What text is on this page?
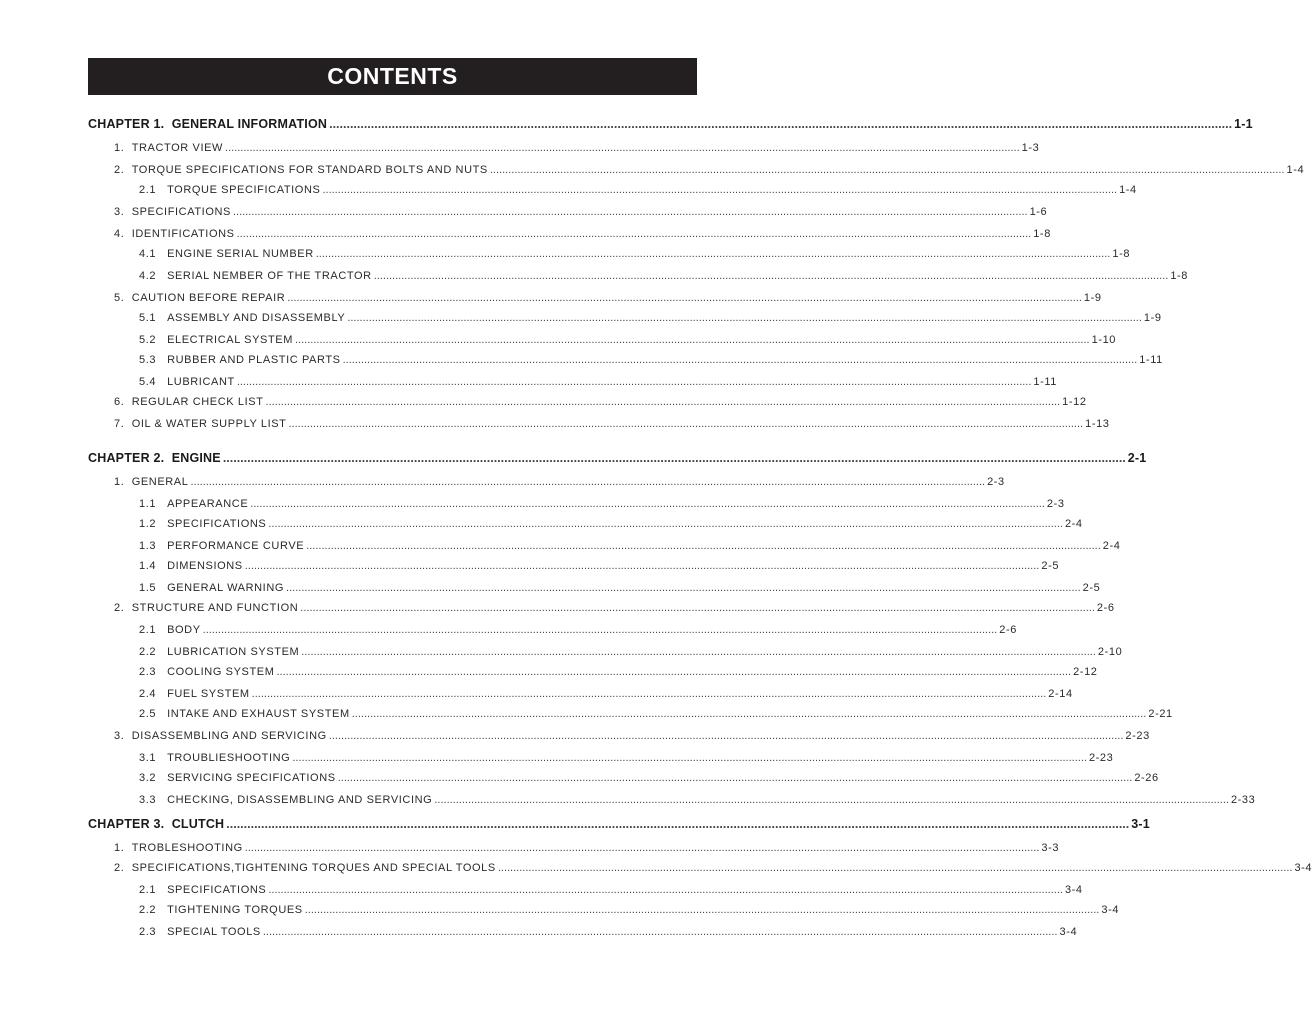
CONTENTS
CHAPTER 1.
GENERAL INFORMATION .................................................................................................................................................................................................................................................................... 1-1
1.
TRACTOR VIEW .................................................................................................................................................................................................................................................................... 1-3
2.
TORQUE SPECIFICATIONS FOR STANDARD BOLTS AND NUTS .................................................................................................................................................................................................................................................................... 1-4
2.1
TORQUE SPECIFICATIONS .................................................................................................................................................................................................................................................................... 1-4
3.
SPECIFICATIONS .................................................................................................................................................................................................................................................................... 1-6
4.
IDENTIFICATIONS .................................................................................................................................................................................................................................................................... 1-8
4.1
ENGINE SERIAL NUMBER .................................................................................................................................................................................................................................................................... 1-8
4.2
SERIAL NEMBER OF THE TRACTOR .................................................................................................................................................................................................................................................................... 1-8
5.
CAUTION BEFORE REPAIR .................................................................................................................................................................................................................................................................... 1-9
5.1
ASSEMBLY AND DISASSEMBLY .................................................................................................................................................................................................................................................................... 1-9
5.2
ELECTRICAL SYSTEM .................................................................................................................................................................................................................................................................... 1-10
5.3
RUBBER AND PLASTIC PARTS .................................................................................................................................................................................................................................................................... 1-11
5.4
LUBRICANT .................................................................................................................................................................................................................................................................... 1-11
6.
REGULAR CHECK LIST .................................................................................................................................................................................................................................................................... 1-12
7.
OIL & WATER SUPPLY LIST .................................................................................................................................................................................................................................................................... 1-13
CHAPTER 2.
ENGINE .................................................................................................................................................................................................................................................................... 2-1
1.
GENERAL .................................................................................................................................................................................................................................................................... 2-3
1.1
APPEARANCE .................................................................................................................................................................................................................................................................... 2-3
1.2
SPECIFICATIONS .................................................................................................................................................................................................................................................................... 2-4
1.3
PERFORMANCE CURVE .................................................................................................................................................................................................................................................................... 2-4
1.4
DIMENSIONS .................................................................................................................................................................................................................................................................... 2-5
1.5
GENERAL WARNING .................................................................................................................................................................................................................................................................... 2-5
2.
STRUCTURE AND FUNCTION .................................................................................................................................................................................................................................................................... 2-6
2.1
BODY .................................................................................................................................................................................................................................................................... 2-6
2.2
LUBRICATION SYSTEM .................................................................................................................................................................................................................................................................... 2-10
2.3
COOLING SYSTEM .................................................................................................................................................................................................................................................................... 2-12
2.4
FUEL SYSTEM .................................................................................................................................................................................................................................................................... 2-14
2.5
INTAKE AND EXHAUST SYSTEM .................................................................................................................................................................................................................................................................... 2-21
3.
DISASSEMBLING AND SERVICING .................................................................................................................................................................................................................................................................... 2-23
3.1
TROUBLIESHOOTING .................................................................................................................................................................................................................................................................... 2-23
3.2
SERVICING SPECIFICATIONS .................................................................................................................................................................................................................................................................... 2-26
3.3
CHECKING, DISASSEMBLING AND SERVICING .................................................................................................................................................................................................................................................................... 2-33
CHAPTER 3.
CLUTCH .................................................................................................................................................................................................................................................................... 3-1
1.
TROBLESHOOTING .................................................................................................................................................................................................................................................................... 3-3
2.
SPECIFICATIONS,TIGHTENING TORQUES AND SPECIAL TOOLS .................................................................................................................................................................................................................................................................... 3-4
2.1
SPECIFICATIONS .................................................................................................................................................................................................................................................................... 3-4
2.2
TIGHTENING TORQUES .................................................................................................................................................................................................................................................................... 3-4
2.3
SPECIAL TOOLS .................................................................................................................................................................................................................................................................... 3-4
